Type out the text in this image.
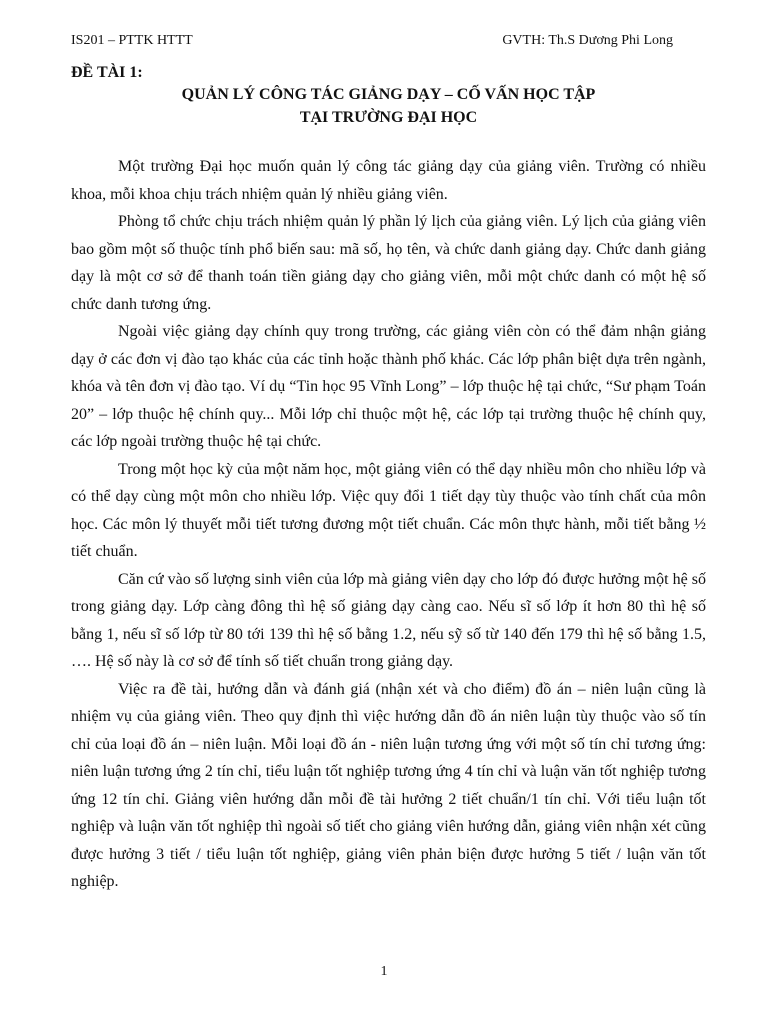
IS201 – PTTK HTTT	GVTH: Th.S Dương Phi Long

ĐỀ TÀI 1:

QUẢN LÝ CÔNG TÁC GIẢNG DẠY – CỐ VẤN HỌC TẬP

TẠI TRƯỜNG ĐẠI HỌC

Một trường Đại học muốn quản lý công tác giảng dạy của giảng viên. Trường có nhiều khoa, mỗi khoa chịu trách nhiệm quản lý nhiều giảng viên.

Phòng tổ chức chịu trách nhiệm quản lý phần lý lịch của giảng viên. Lý lịch của giảng viên bao gồm một số thuộc tính phổ biến sau: mã số, họ tên, và chức danh giảng dạy. Chức danh giảng dạy là một cơ sở để thanh toán tiền giảng dạy cho giảng viên, mỗi một chức danh có một hệ số chức danh tương ứng.

Ngoài việc giảng dạy chính quy trong trường, các giảng viên còn có thể đảm nhận giảng dạy ở các đơn vị đào tạo khác của các tỉnh hoặc thành phố khác. Các lớp phân biệt dựa trên ngành, khóa và tên đơn vị đào tạo. Ví dụ “Tin học 95 Vĩnh Long” – lớp thuộc hệ tại chức, “Sư phạm Toán 20” – lớp thuộc hệ chính quy... Mỗi lớp chỉ thuộc một hệ, các lớp tại trường thuộc hệ chính quy, các lớp ngoài trường thuộc hệ tại chức.

Trong một học kỳ của một năm học, một giảng viên có thể dạy nhiều môn cho nhiều lớp và có thể dạy cùng một môn cho nhiều lớp. Việc quy đổi 1 tiết dạy tùy thuộc vào tính chất của môn học. Các môn lý thuyết mỗi tiết tương đương một tiết chuẩn. Các môn thực hành, mỗi tiết bằng ½ tiết chuẩn.

Căn cứ vào số lượng sinh viên của lớp mà giảng viên dạy cho lớp đó được hưởng một hệ số trong giảng dạy. Lớp càng đông thì hệ số giảng dạy càng cao. Nếu sĩ số lớp ít hơn 80 thì hệ số bằng 1, nếu sĩ số lớp từ 80 tới 139 thì hệ số bằng 1.2, nếu sỹ số từ 140 đến 179 thì hệ số bằng 1.5, …. Hệ số này là cơ sở để tính số tiết chuẩn trong giảng dạy.

Việc ra đề tài, hướng dẫn và đánh giá (nhận xét và cho điểm) đồ án – niên luận cũng là nhiệm vụ của giảng viên. Theo quy định thì việc hướng dẫn đồ án niên luận tùy thuộc vào số tín chỉ của loại đồ án – niên luận. Mỗi loại đồ án - niên luận tương ứng với một số tín chỉ tương ứng: niên luận tương ứng 2 tín chỉ, tiểu luận tốt nghiệp tương ứng 4 tín chỉ và luận văn tốt nghiệp tương ứng 12 tín chỉ. Giảng viên hướng dẫn mỗi đề tài hưởng 2 tiết chuẩn/1 tín chỉ. Với tiểu luận tốt nghiệp và luận văn tốt nghiệp thì ngoài số tiết cho giảng viên hướng dẫn, giảng viên nhận xét cũng được hưởng 3 tiết / tiểu luận tốt nghiệp, giảng viên phản biện được hưởng 5 tiết / luận văn tốt nghiệp.

1
